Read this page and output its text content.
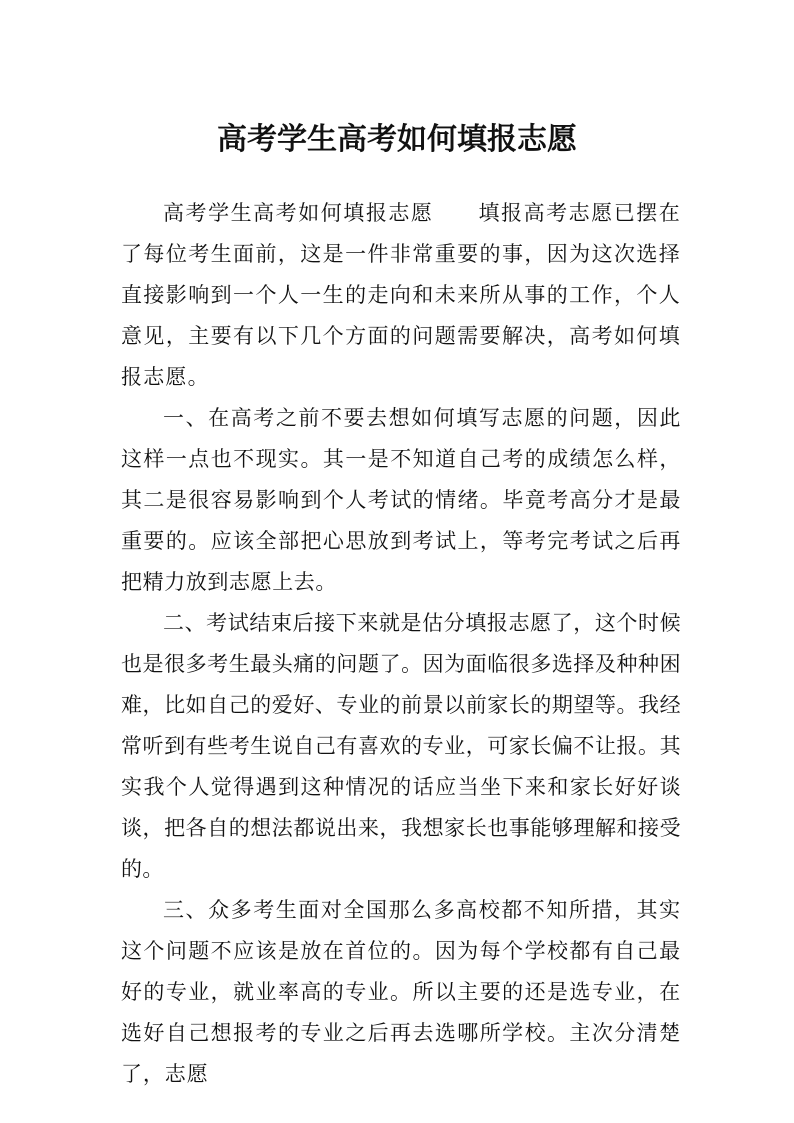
高考学生高考如何填报志愿

高考学生高考如何填报志愿　　填报高考志愿已摆在了每位考生面前，这是一件非常重要的事，因为这次选择直接影响到一个人一生的走向和未来所从事的工作，个人意见，主要有以下几个方面的问题需要解决，高考如何填报志愿。

一、在高考之前不要去想如何填写志愿的问题，因此这样一点也不现实。其一是不知道自己考的成绩怎么样，其二是很容易影响到个人考试的情绪。毕竟考高分才是最重要的。应该全部把心思放到考试上，等考完考试之后再把精力放到志愿上去。

二、考试结束后接下来就是估分填报志愿了，这个时候也是很多考生最头痛的问题了。因为面临很多选择及种种困难，比如自己的爱好、专业的前景以前家长的期望等。我经常听到有些考生说自己有喜欢的专业，可家长偏不让报。其实我个人觉得遇到这种情况的话应当坐下来和家长好好谈谈，把各自的想法都说出来，我想家长也事能够理解和接受的。

三、众多考生面对全国那么多高校都不知所措，其实这个问题不应该是放在首位的。因为每个学校都有自己最好的专业，就业率高的专业。所以主要的还是选专业，在选好自己想报考的专业之后再去选哪所学校。主次分清楚了，志愿
